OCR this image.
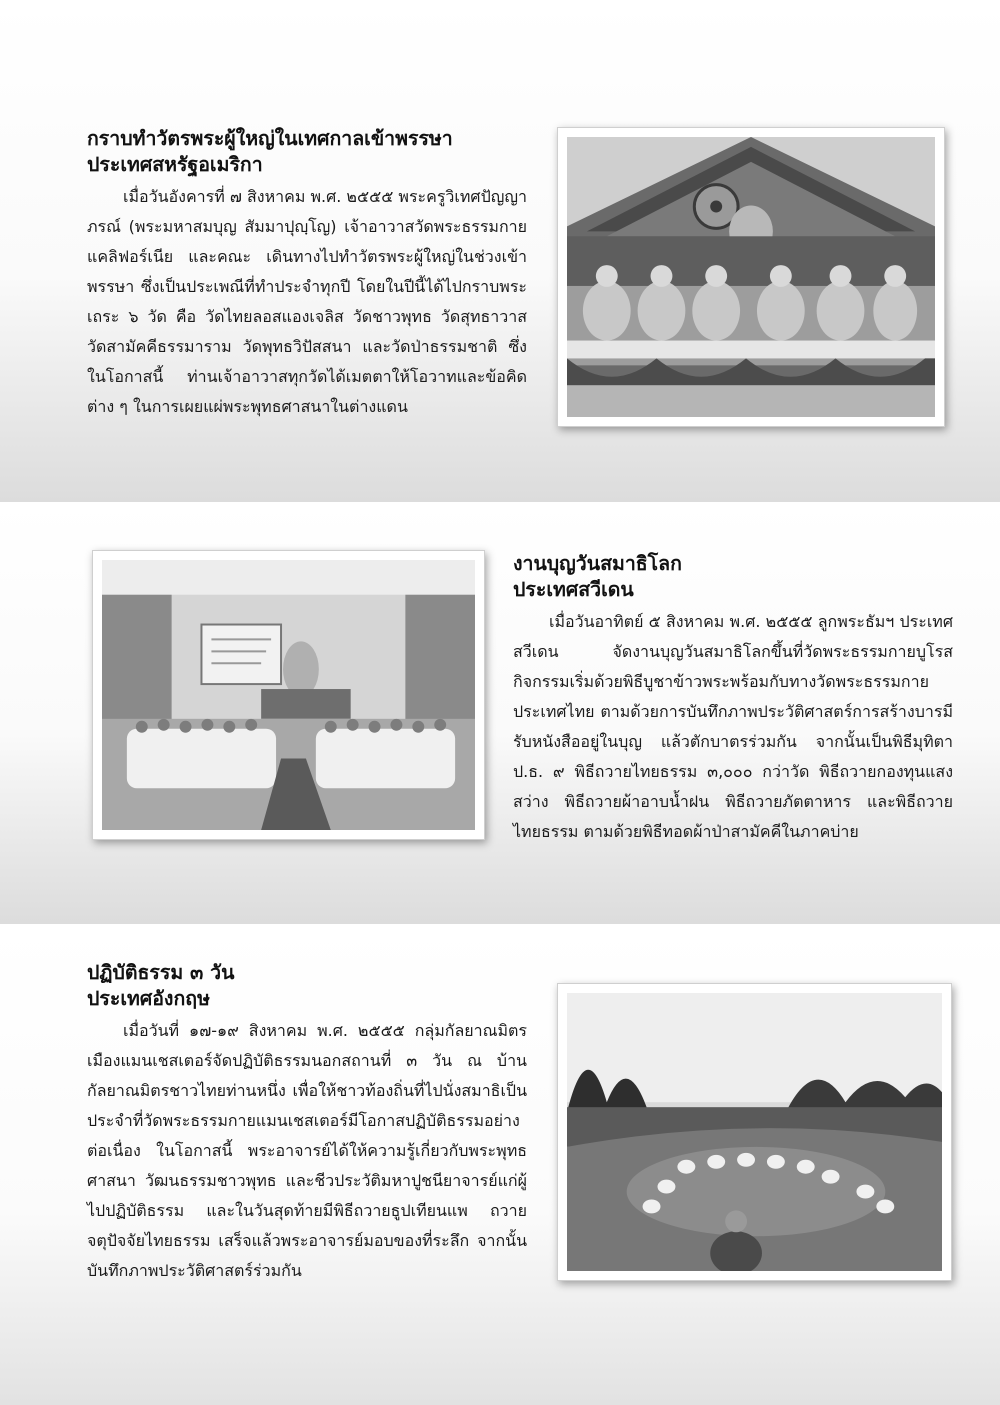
กราบทำวัตรพระผู้ใหญ่ในเทศกาลเข้าพรรษา
ประเทศสหรัฐอเมริกา
เมื่อวันอังคารที่ ๗ สิงหาคม พ.ศ. ๒๕๕๕ พระครูวิเทศปัญญาภรณ์ (พระมหาสมบุญ สัมมาปุญฺโญ) เจ้าอาวาสวัดพระธรรมกายแคลิฟอร์เนีย และคณะ เดินทางไปทำวัตรพระผู้ใหญ่ในช่วงเข้าพรรษา ซึ่งเป็นประเพณีที่ทำประจำทุกปี โดยในปีนี้ได้ไปกราบพระเถระ ๖ วัด คือ วัดไทยลอสแองเจลิส วัดชาวพุทธ วัดสุทธาวาส วัดสามัคคีธรรมาราม วัดพุทธวิปัสสนา และวัดป่าธรรมชาติ ซึ่งในโอกาสนี้ ท่านเจ้าอาวาสทุกวัดได้เมตตาให้โอวาทและข้อคิดต่าง ๆ ในการเผยแผ่พระพุทธศาสนาในต่างแดน
งานบุญวันสมาธิโลก
ประเทศสวีเดน
เมื่อวันอาทิตย์ ๕ สิงหาคม พ.ศ. ๒๕๕๕ ลูกพระธัมฯ ประเทศสวีเดน จัดงานบุญวันสมาธิโลกขึ้นที่วัดพระธรรมกายบูโรส กิจกรรมเริ่มด้วยพิธีบูชาข้าวพระพร้อมกับทางวัดพระธรรมกาย ประเทศไทย ตามด้วยการบันทึกภาพประวัติศาสตร์การสร้างบารมี รับหนังสืออยู่ในบุญ แล้วตักบาตรร่วมกัน จากนั้นเป็นพิธีมุทิตา ป.ธ. ๙ พิธีถวายไทยธรรม ๓,๐๐๐ กว่าวัด พิธีถวายกองทุนแสงสว่าง พิธีถวายผ้าอาบน้ำฝน พิธีถวายภัตตาหาร และพิธีถวายไทยธรรม ตามด้วยพิธีทอดผ้าป่าสามัคคีในภาคบ่าย
ปฏิบัติธรรม ๓ วัน
ประเทศอังกฤษ
เมื่อวันที่ ๑๗-๑๙ สิงหาคม พ.ศ. ๒๕๕๕ กลุ่มกัลยาณมิตรเมืองแมนเชสเตอร์จัดปฏิบัติธรรมนอกสถานที่ ๓ วัน ณ บ้านกัลยาณมิตรชาวไทยท่านหนึ่ง เพื่อให้ชาวท้องถิ่นที่ไปนั่งสมาธิเป็นประจำที่วัดพระธรรมกายแมนเชสเตอร์มีโอกาสปฏิบัติธรรมอย่างต่อเนื่อง ในโอกาสนี้ พระอาจารย์ได้ให้ความรู้เกี่ยวกับพระพุทธศาสนา วัฒนธรรมชาวพุทธ และชีวประวัติมหาปูชนียาจารย์แก่ผู้ไปปฏิบัติธรรม และในวันสุดท้ายมีพิธีถวายธูปเทียนแพ ถวายจตุปัจจัยไทยธรรม เสร็จแล้วพระอาจารย์มอบของที่ระลึก จากนั้นบันทึกภาพประวัติศาสตร์ร่วมกัน
